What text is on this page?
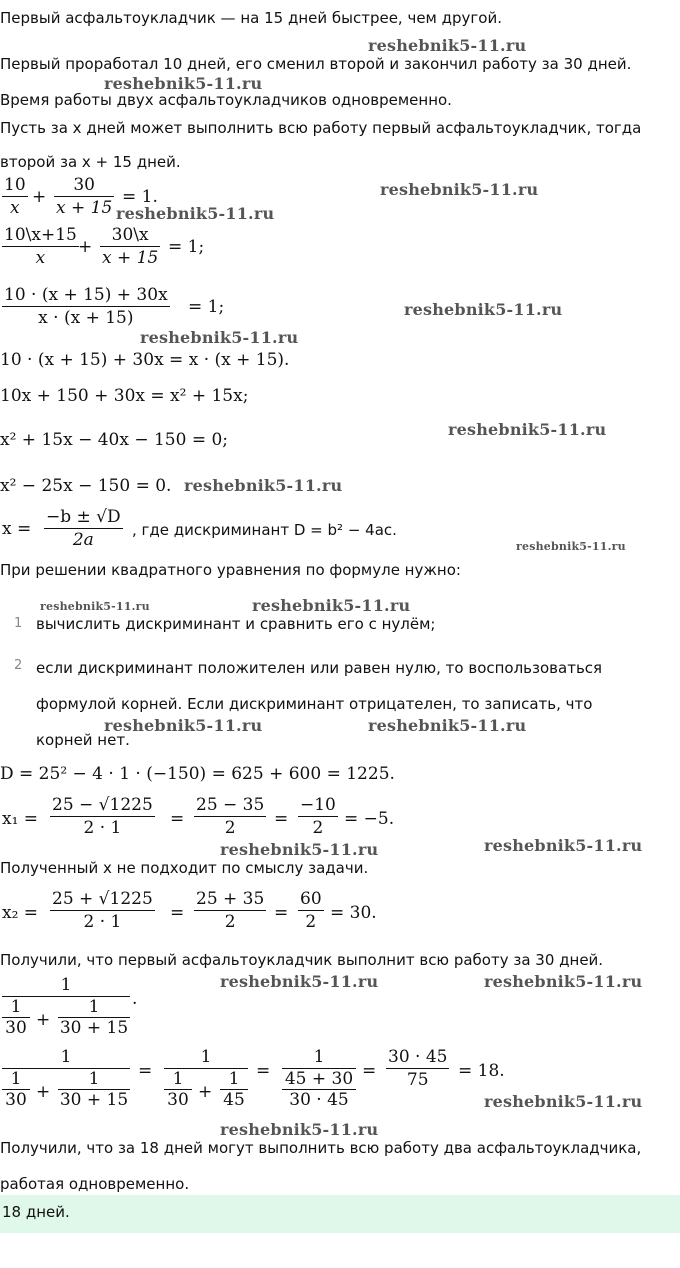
Первый асфальтоукладчик — на 15 дней быстрее, чем другой.
Первый проработал 10 дней, его сменил второй и закончил работу за 30 дней.
Время работы двух асфальтоукладчиков одновременно.
Пусть за x дней может выполнить всю работу первый асфальтоукладчик, тогда
второй за x + 15 дней.
10
x
+
30
x + 15
= 1.
10\x+15
x
+
30\x
x + 15
= 1;
10 · (x + 15) + 30x
x · (x + 15)
= 1;
10 · (x + 15) + 30x = x · (x + 15).
10x + 150 + 30x = x² + 15x;
x² + 15x − 40x − 150 = 0;
x² − 25x − 150 = 0.
x =
−b ± √D
2a	, где дискриминант D = b² − 4ac.
При решении квадратного уравнения по формуле нужно:
1 вычислить дискриминант и сравнить его с нулём;
2 если дискриминант положителен или равен нулю, то воспользоваться
формулой корней. Если дискриминант отрицателен, то записать, что
корней нет.
D = 25² − 4 · 1 · (−150) = 625 + 600 = 1225.
x₁ =
25 − √1225
2 · 1	=
25 − 35
2	=
−10
2	= −5.
Полученный x не подходит по смыслу задачи.
x₂ =
25 + √1225
2 · 1	=
25 + 35
2	=
60
2 = 30.
Получили, что первый асфальтоукладчик выполнит всю работу за 30 дней.
1
1
30 +
1
30 + 15
.
1
1
30 +
1
30 + 15
=
1
1
30 +
1
45
=
1
45 + 30
30 · 45
=
30 · 45
75	= 18.
Получили, что за 18 дней могут выполнить всю работу два асфальтоукладчика,
работая одновременно.
18 дней.
reshebnik5-11.ru
reshebnik5-11.ru
reshebnik5-11.ru
reshebnik5-11.ru
reshebnik5-11.ru
reshebnik5-11.ru
reshebnik5-11.ru
reshebnik5-11.ru
reshebnik5-11.ru
reshebnik5-11.ru	reshebnik5-11.ru
reshebnik5-11.ru	reshebnik5-11.ru
reshebnik5-11.ru	reshebnik5-11.ru
reshebnik5-11.ru	reshebnik5-11.ru
reshebnik5-11.ru
reshebnik5-11.ru
